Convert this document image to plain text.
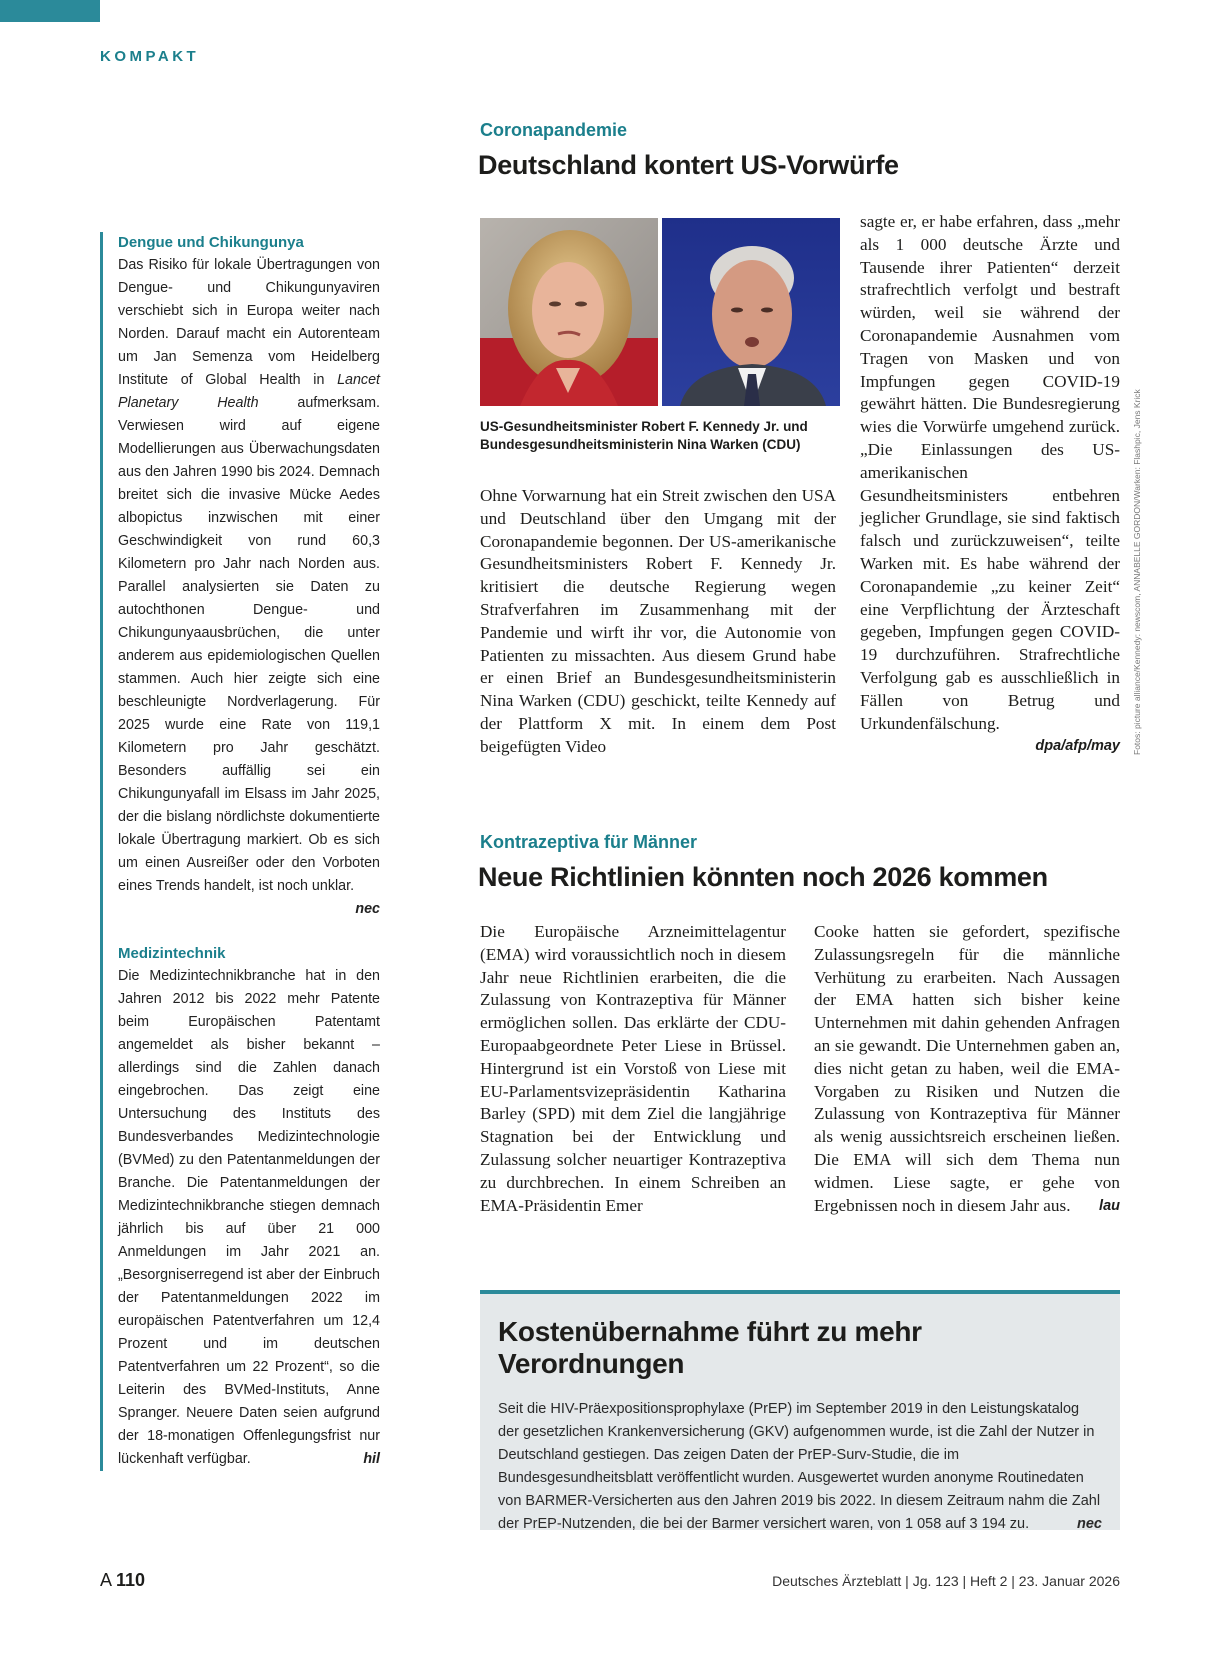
KOMPAKT
Dengue und Chikungunya
Das Risiko für lokale Übertragungen von Dengue- und Chikungunyaviren verschiebt sich in Europa weiter nach Norden. Darauf macht ein Autorenteam um Jan Semenza vom Heidelberg Institute of Global Health in Lancet Planetary Health aufmerksam. Verwiesen wird auf eigene Modellierungen aus Überwachungsdaten aus den Jahren 1990 bis 2024. Demnach breitet sich die invasive Mücke Aedes albopictus inzwischen mit einer Geschwindigkeit von rund 60,3 Kilometern pro Jahr nach Norden aus. Parallel analysierten sie Daten zu autochthonen Dengue- und Chikungunyaausbrüchen, die unter anderem aus epidemiologischen Quellen stammen. Auch hier zeigte sich eine beschleunigte Nordverlagerung. Für 2025 wurde eine Rate von 119,1 Kilometern pro Jahr geschätzt. Besonders auffällig sei ein Chikungunyafall im Elsass im Jahr 2025, der die bislang nördlichste dokumentierte lokale Übertragung markiert. Ob es sich um einen Ausreißer oder den Vorboten eines Trends handelt, ist noch unklar.
nec
Medizintechnik
Die Medizintechnikbranche hat in den Jahren 2012 bis 2022 mehr Patente beim Europäischen Patentamt angemeldet als bisher bekannt – allerdings sind die Zahlen danach eingebrochen. Das zeigt eine Untersuchung des Instituts des Bundesverbandes Medizintechnologie (BVMed) zu den Patentanmeldungen der Branche. Die Patentanmeldungen der Medizintechnikbranche stiegen demnach jährlich bis auf über 21 000 Anmeldungen im Jahr 2021 an. „Besorgniserregend ist aber der Einbruch der Patentanmeldungen 2022 im europäischen Patentverfahren um 12,4 Prozent und im deutschen Patentverfahren um 22 Prozent“, so die Leiterin des BVMed-Instituts, Anne Spranger. Neuere Daten seien aufgrund der 18-monatigen Offenlegungsfrist nur lückenhaft verfügbar.	hil
Coronapandemie
Deutschland kontert US-Vorwürfe
US-Gesundheitsminister Robert F. Kennedy Jr. und Bundesgesundheitsministerin Nina Warken (CDU)
Ohne Vorwarnung hat ein Streit zwischen den USA und Deutschland über den Umgang mit der Coronapandemie begonnen. Der US-amerikanische Gesundheitsministers Robert F. Kennedy Jr. kritisiert die deutsche Regierung wegen Strafverfahren im Zusammenhang mit der Pandemie und wirft ihr vor, die Autonomie von Patienten zu missachten. Aus diesem Grund habe er einen Brief an Bundesgesundheitsministerin Nina Warken (CDU) geschickt, teilte Kennedy auf der Plattform X mit. In einem dem Post beigefügten Video
sagte er, er habe erfahren, dass „mehr als 1 000 deutsche Ärzte und Tausende ihrer Patienten“ derzeit strafrechtlich verfolgt und bestraft würden, weil sie während der Coronapandemie Ausnahmen vom Tragen von Masken und von Impfungen gegen COVID-19 gewährt hätten. Die Bundesregierung wies die Vorwürfe umgehend zurück. „Die Einlassungen des US-amerikanischen Gesundheitsministers entbehren jeglicher Grundlage, sie sind faktisch falsch und zurückzuweisen“, teilte Warken mit. Es habe während der Coronapandemie „zu keiner Zeit“ eine Verpflichtung der Ärzteschaft gegeben, Impfungen gegen COVID-19 durchzuführen. Strafrechtliche Verfolgung gab es ausschließlich in Fällen von Betrug und Urkundenfälschung.
dpa/afp/may Fotos: picture alliance/Kennedy: newscom, ANNABELLE GORDON/Warken: Flashpic, Jens Krick
Kontrazeptiva für Männer
Neue Richtlinien könnten noch 2026 kommen
Die Europäische Arzneimittelagentur (EMA) wird voraussichtlich noch in diesem Jahr neue Richtlinien erarbeiten, die die Zulassung von Kontrazeptiva für Männer ermöglichen sollen. Das erklärte der CDU-Europaabgeordnete Peter Liese in Brüssel. Hintergrund ist ein Vorstoß von Liese mit EU-Parlamentsvizepräsidentin Katharina Barley (SPD) mit dem Ziel die langjährige Stagnation bei der Entwicklung und Zulassung solcher neuartiger Kontrazeptiva zu durchbrechen. In einem Schreiben an EMA-Präsidentin Emer
Cooke hatten sie gefordert, spezifische Zulassungsregeln für die männliche Verhütung zu erarbeiten. Nach Aussagen der EMA hatten sich bisher keine Unternehmen mit dahin gehenden Anfragen an sie gewandt. Die Unternehmen gaben an, dies nicht getan zu haben, weil die EMA-Vorgaben zu Risiken und Nutzen die Zulassung von Kontrazeptiva für Männer als wenig aussichtsreich erscheinen ließen. Die EMA will sich dem Thema nun widmen. Liese sagte, er gehe von Ergebnissen noch in diesem Jahr aus. lau
Kostenübernahme führt zu mehr Verordnungen
Seit die HIV-Präexpositionsprophylaxe (PrEP) im September 2019 in den Leistungskatalog der gesetzlichen Krankenversicherung (GKV) aufgenommen wurde, ist die Zahl der Nutzer in Deutschland gestiegen. Das zeigen Daten der PrEP-Surv-Studie, die im Bundesgesundheitsblatt veröffentlicht wurden. Ausgewertet wurden anonyme Routinedaten von BARMER-Versicherten aus den Jahren 2019 bis 2022. In diesem Zeitraum nahm die Zahl der PrEP-Nutzenden, die bei der Barmer versichert waren, von 1 058 auf 3 194 zu.	nec
A 110	Deutsches Ärzteblatt | Jg. 123 | Heft 2 | 23. Januar 2026
